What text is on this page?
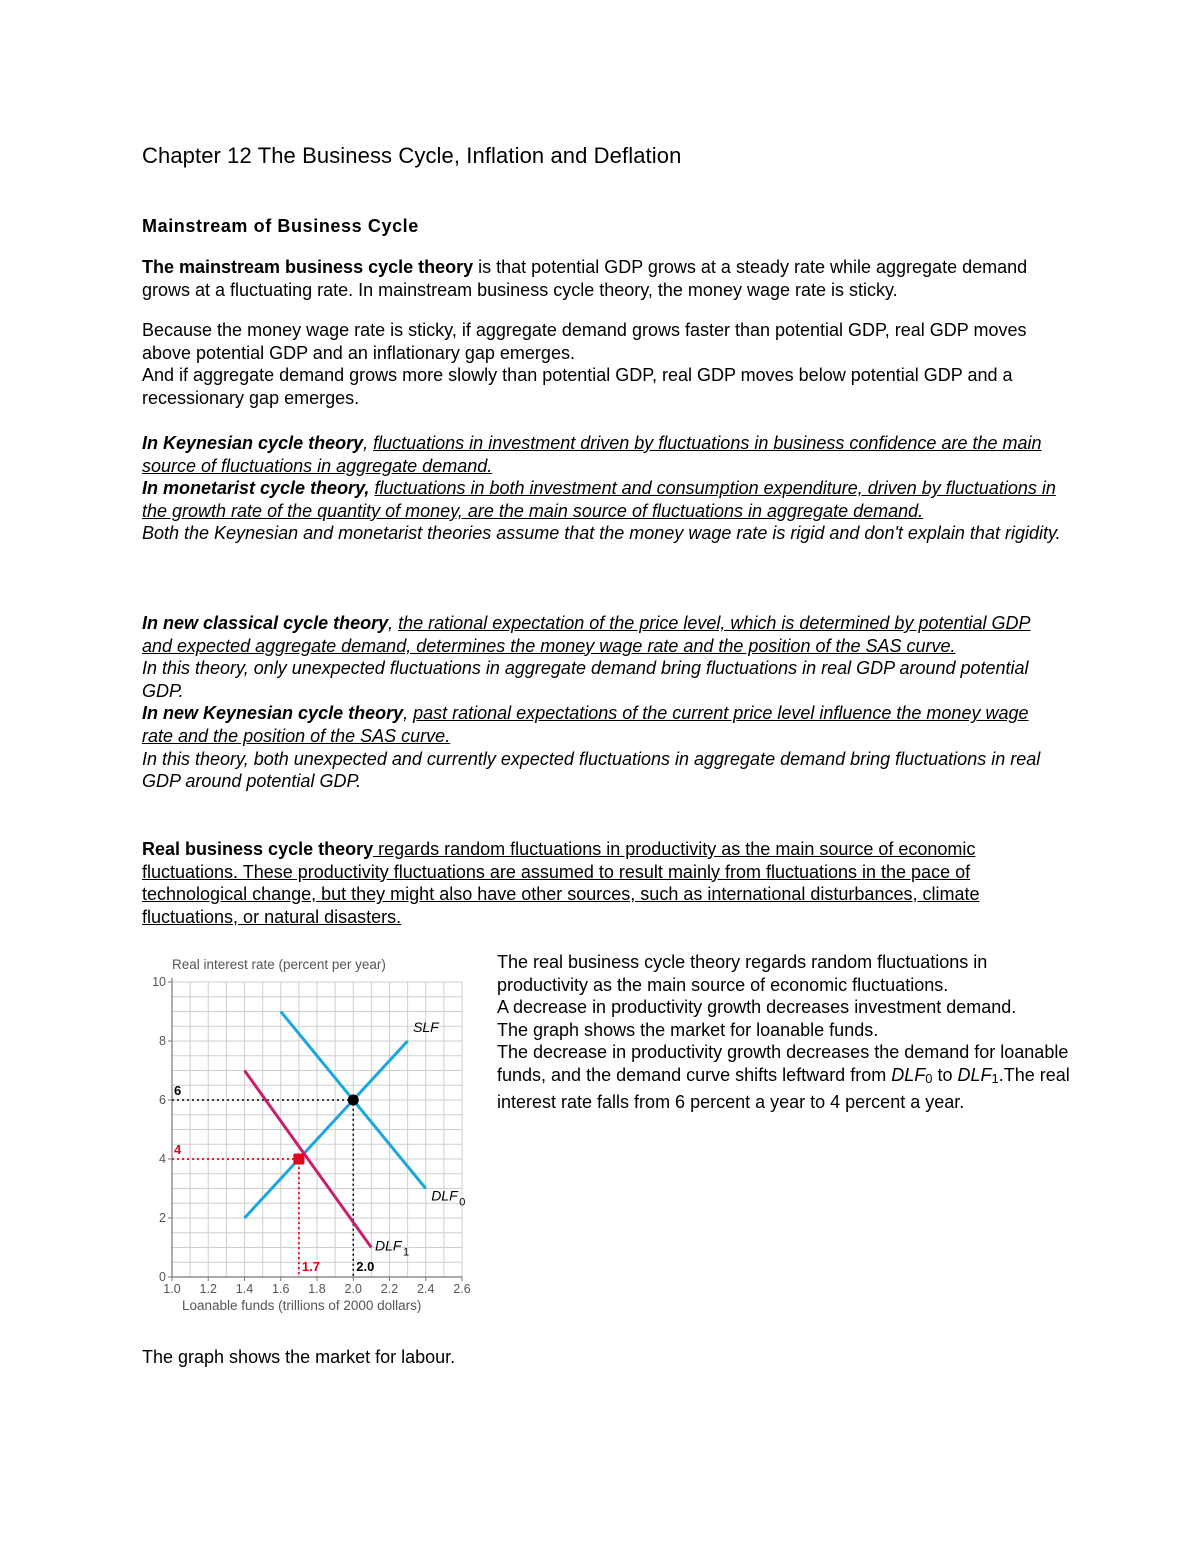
Chapter 12 The Business Cycle, Inflation and Deflation
Mainstream of Business Cycle

The mainstream business cycle theory is that potential GDP grows at a steady rate while aggregate demand grows at a fluctuating rate. In mainstream business cycle theory, the money wage rate is sticky.

Because the money wage rate is sticky, if aggregate demand grows faster than potential GDP, real GDP moves above potential GDP and an inflationary gap emerges.

And if aggregate demand grows more slowly than potential GDP, real GDP moves below potential GDP and a recessionary gap emerges.

In Keynesian cycle theory, fluctuations in investment driven by fluctuations in business confidence are the main source of fluctuations in aggregate demand.

In monetarist cycle theory, fluctuations in both investment and consumption expenditure, driven by fluctuations in the growth rate of the quantity of money, are the main source of fluctuations in aggregate demand.

Both the Keynesian and monetarist theories assume that the money wage rate is rigid and don't explain that rigidity.

In new classical cycle theory, the rational expectation of the price level, which is determined by potential GDP and expected aggregate demand, determines the money wage rate and the position of the SAS curve.

In this theory, only unexpected fluctuations in aggregate demand bring fluctuations in real GDP around potential GDP.

In new Keynesian cycle theory, past rational expectations of the current price level influence the money wage rate and the position of the SAS curve.

In this theory, both unexpected and currently expected fluctuations in aggregate demand bring fluctuations in real GDP around potential GDP.

Real business cycle theory regards random fluctuations in productivity as the main source of economic fluctuations. These productivity fluctuations are assumed to result mainly from fluctuations in the pace of technological change, but they might also have other sources, such as international disturbances, climate fluctuations, or natural disasters.

1.0 1.2 1.4 1.6 1.8 2.0 2.2 2.4 2.6
0
2
4
6
8
10
6
4
1.7	2.0
SLF
DLF 0
DLF 1
Real interest rate (percent per year)
Loanable funds (trillions of 2000 dollars)

The real business cycle theory regards random fluctuations in productivity as the main source of economic fluctuations.

A decrease in productivity growth decreases investment demand.

The graph shows the market for loanable funds.

The decrease in productivity growth decreases the demand for loanable funds, and the demand curve shifts leftward from $DLF_0$ to $DLF_1.The$ real interest rate falls from 6 percent a year to 4 percent a year.

The graph shows the market for labour.
